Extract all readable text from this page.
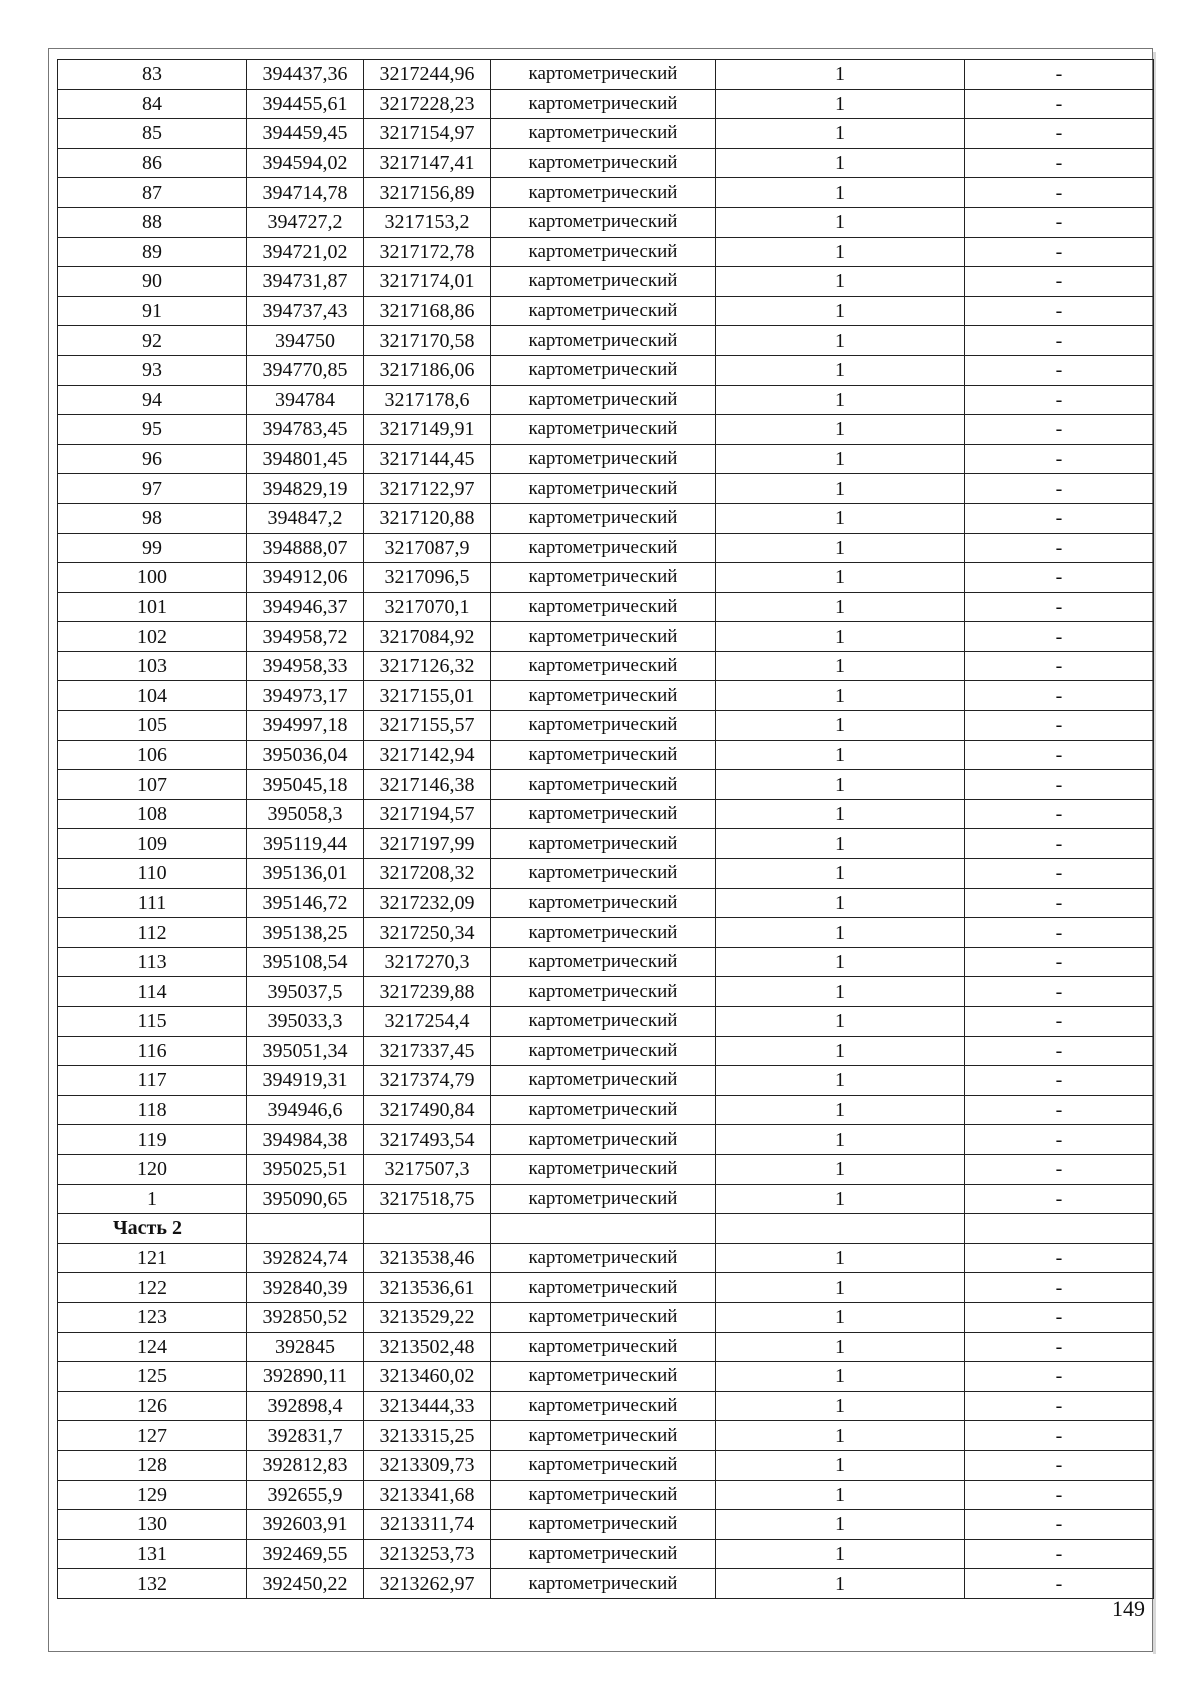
83	394437,36	3217244,96	картометрический	1	-
84	394455,61	3217228,23	картометрический	1	-
85	394459,45	3217154,97	картометрический	1	-
86	394594,02	3217147,41	картометрический	1	-
87	394714,78	3217156,89	картометрический	1	-
88	394727,2	3217153,2	картометрический	1	-
89	394721,02	3217172,78	картометрический	1	-
90	394731,87	3217174,01	картометрический	1	-
91	394737,43	3217168,86	картометрический	1	-
92	394750	3217170,58	картометрический	1	-
93	394770,85	3217186,06	картометрический	1	-
94	394784	3217178,6	картометрический	1	-
95	394783,45	3217149,91	картометрический	1	-
96	394801,45	3217144,45	картометрический	1	-
97	394829,19	3217122,97	картометрический	1	-
98	394847,2	3217120,88	картометрический	1	-
99	394888,07	3217087,9	картометрический	1	-
100	394912,06	3217096,5	картометрический	1	-
101	394946,37	3217070,1	картометрический	1	-
102	394958,72	3217084,92	картометрический	1	-
103	394958,33	3217126,32	картометрический	1	-
104	394973,17	3217155,01	картометрический	1	-
105	394997,18	3217155,57	картометрический	1	-
106	395036,04	3217142,94	картометрический	1	-
107	395045,18	3217146,38	картометрический	1	-
108	395058,3	3217194,57	картометрический	1	-
109	395119,44	3217197,99	картометрический	1	-
110	395136,01	3217208,32	картометрический	1	-
111	395146,72	3217232,09	картометрический	1	-
112	395138,25	3217250,34	картометрический	1	-
113	395108,54	3217270,3	картометрический	1	-
114	395037,5	3217239,88	картометрический	1	-
115	395033,3	3217254,4	картометрический	1	-
116	395051,34	3217337,45	картометрический	1	-
117	394919,31	3217374,79	картометрический	1	-
118	394946,6	3217490,84	картометрический	1	-
119	394984,38	3217493,54	картометрический	1	-
120	395025,51	3217507,3	картометрический	1	-
1	395090,65	3217518,75	картометрический	1	-
Часть 2					
121	392824,74	3213538,46	картометрический	1	-
122	392840,39	3213536,61	картометрический	1	-
123	392850,52	3213529,22	картометрический	1	-
124	392845	3213502,48	картометрический	1	-
125	392890,11	3213460,02	картометрический	1	-
126	392898,4	3213444,33	картометрический	1	-
127	392831,7	3213315,25	картометрический	1	-
128	392812,83	3213309,73	картометрический	1	-
129	392655,9	3213341,68	картометрический	1	-
130	392603,91	3213311,74	картометрический	1	-
131	392469,55	3213253,73	картометрический	1	-
132	392450,22	3213262,97	картометрический	1	-
149
